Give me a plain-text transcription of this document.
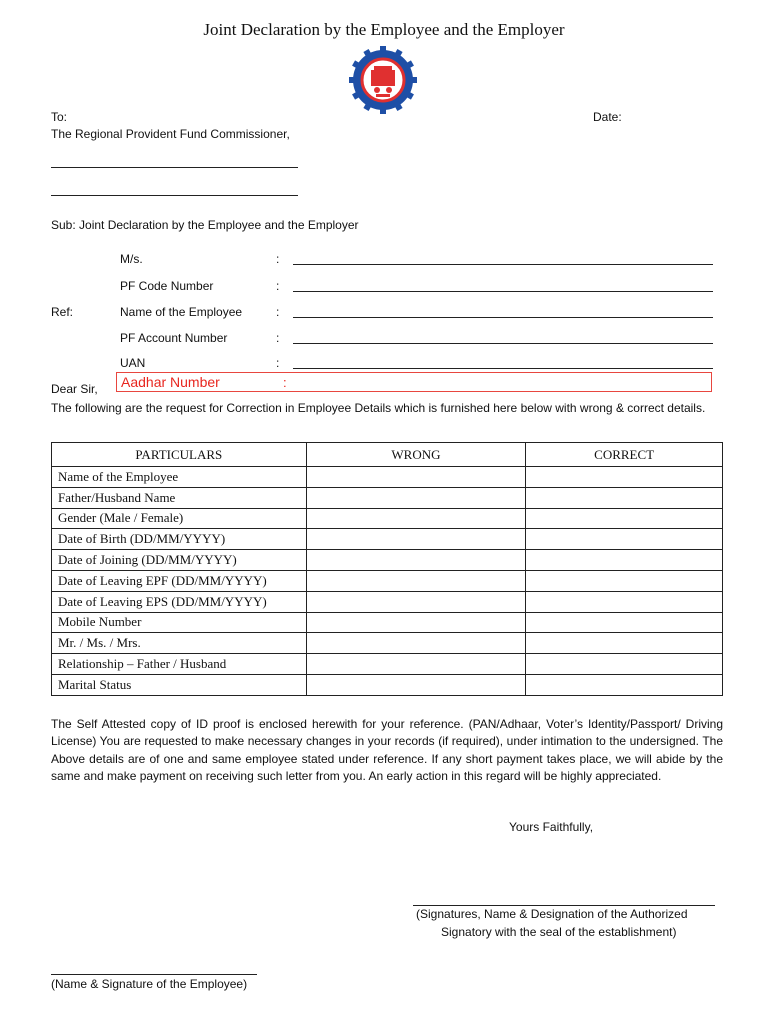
Joint Declaration by the Employee and the Employer
To:	Date:
The Regional Provident Fund Commissioner,
Sub: Joint Declaration by the Employee and the Employer
Ref:
M/s.	:
PF Code Number	:
Name of the Employee	:
PF Account Number	:
UAN	:
Aadhar Number	:
Dear Sir,
The following are the request for Correction in Employee Details which is furnished here below with wrong & correct details.
PARTICULARS	WRONG	CORRECT
Name of the Employee		
Father/Husband Name		
Gender (Male / Female)		
Date of Birth (DD/MM/YYYY)		
Date of Joining (DD/MM/YYYY)		
Date of Leaving EPF (DD/MM/YYYY)		
Date of Leaving EPS (DD/MM/YYYY)		
Mobile Number		
Mr. / Ms. / Mrs.		
Relationship – Father / Husband		
Marital Status		
The Self Attested copy of ID proof is enclosed herewith for your reference. (PAN/Adhaar, Voter’s Identity/Passport/ Driving License) You are requested to make necessary changes in your records (if required), under intimation to the undersigned. The Above details are of one and same employee stated under reference. If any short payment takes place, we will abide by the same and make payment on receiving such letter from you. An early action in this regard will be highly appreciated.
Yours Faithfully,
(Signatures, Name & Designation of the Authorized
Signatory with the seal of the establishment)
(Name & Signature of the Employee)
